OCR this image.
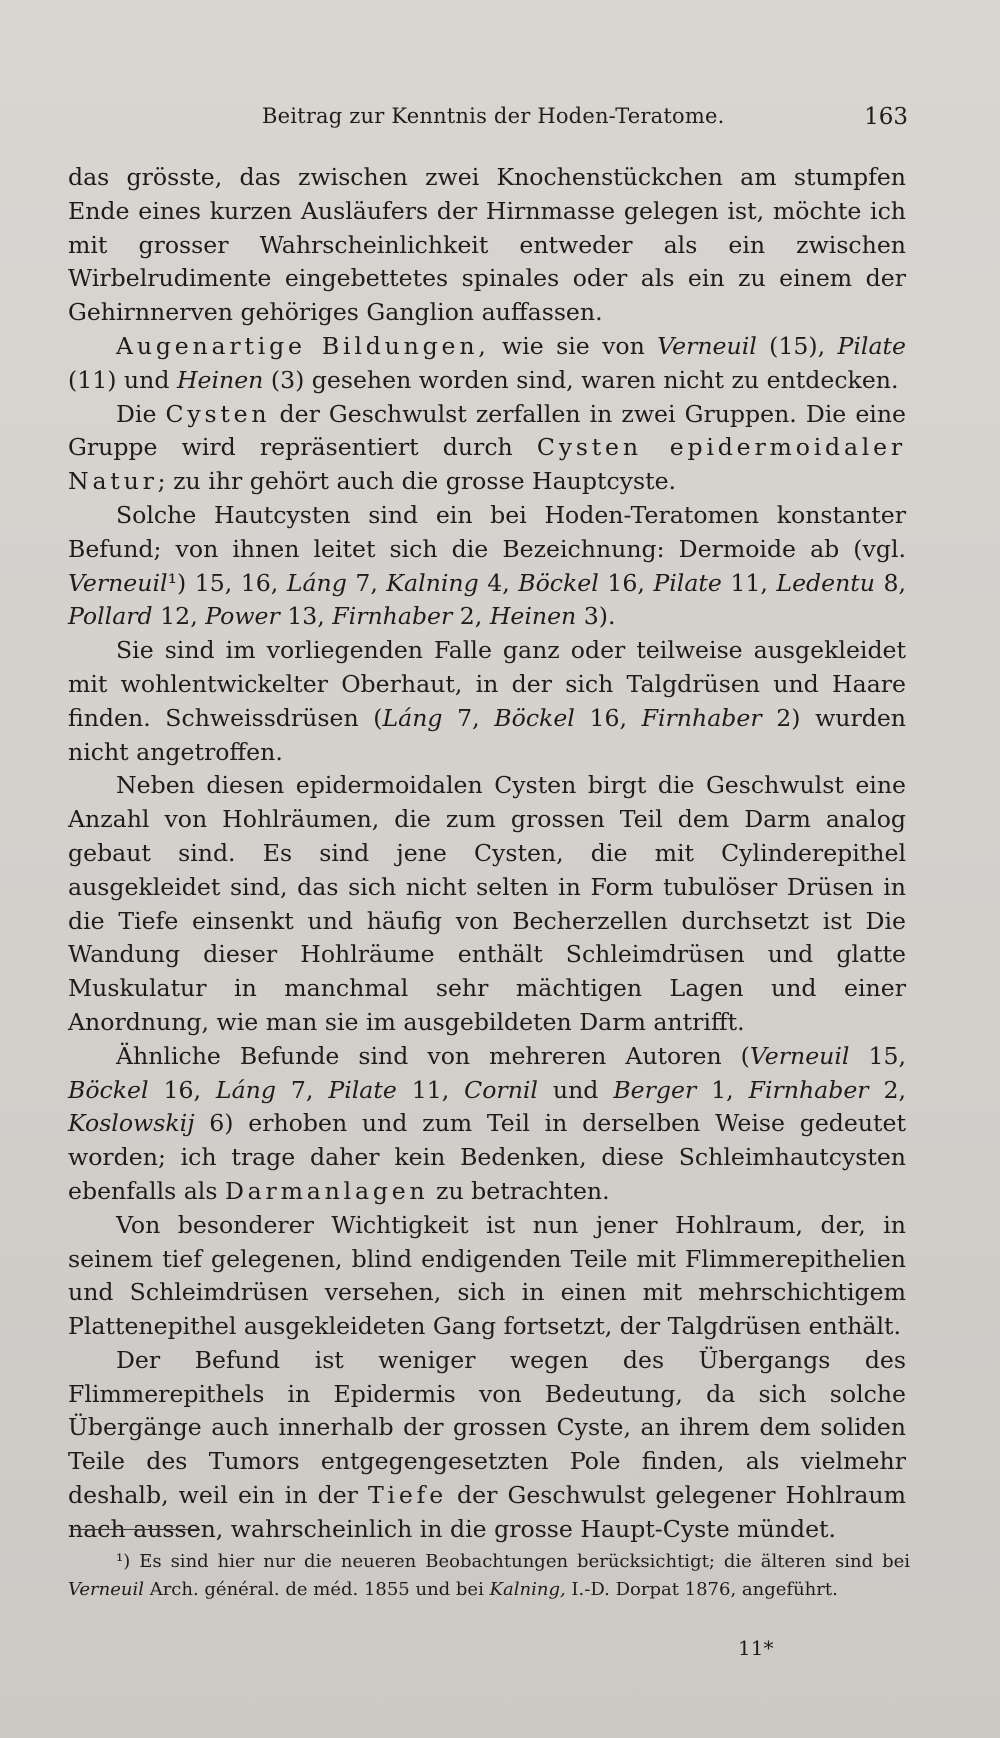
Beitrag zur Kenntnis der Hoden-Teratome.	163

das grösste, das zwischen zwei Knochenstückchen am stumpfen Ende eines kurzen Ausläufers der Hirnmasse gelegen ist, möchte ich mit grosser Wahrscheinlichkeit entweder als ein zwischen Wirbelrudimente eingebettetes spinales oder als ein zu einem der Gehirnnerven gehöriges Ganglion auffassen.

Augenartige Bildungen, wie sie von Verneuil (15), Pilate (11) und Heinen (3) gesehen worden sind, waren nicht zu entdecken.

Die Cysten der Geschwulst zerfallen in zwei Gruppen. Die eine Gruppe wird repräsentiert durch Cysten epidermoidaler Natur; zu ihr gehört auch die grosse Hauptcyste.

Solche Hautcysten sind ein bei Hoden-Teratomen konstanter Befund; von ihnen leitet sich die Bezeichnung: Dermoide ab (vgl. Verneuil¹) 15, 16, Láng 7, Kalning 4, Böckel 16, Pilate 11, Ledentu 8, Pollard 12, Power 13, Firnhaber 2, Heinen 3).

Sie sind im vorliegenden Falle ganz oder teilweise ausgekleidet mit wohlentwickelter Oberhaut, in der sich Talgdrüsen und Haare finden. Schweissdrüsen (Láng 7, Böckel 16, Firnhaber 2) wurden nicht angetroffen.

Neben diesen epidermoidalen Cysten birgt die Geschwulst eine Anzahl von Hohlräumen, die zum grossen Teil dem Darm analog gebaut sind. Es sind jene Cysten, die mit Cylinderepithel ausgekleidet sind, das sich nicht selten in Form tubulöser Drüsen in die Tiefe einsenkt und häufig von Becherzellen durchsetzt ist Die Wandung dieser Hohlräume enthält Schleimdrüsen und glatte Muskulatur in manchmal sehr mächtigen Lagen und einer Anordnung, wie man sie im ausgebildeten Darm antrifft.

Ähnliche Befunde sind von mehreren Autoren (Verneuil 15, Böckel 16, Láng 7, Pilate 11, Cornil und Berger 1, Firnhaber 2, Koslowskij 6) erhoben und zum Teil in derselben Weise gedeutet worden; ich trage daher kein Bedenken, diese Schleimhautcysten ebenfalls als Darmanlagen zu betrachten.

Von besonderer Wichtigkeit ist nun jener Hohlraum, der, in seinem tief gelegenen, blind endigenden Teile mit Flimmerepithelien und Schleimdrüsen versehen, sich in einen mit mehrschichtigem Plattenepithel ausgekleideten Gang fortsetzt, der Talgdrüsen enthält.

Der Befund ist weniger wegen des Übergangs des Flimmerepithels in Epidermis von Bedeutung, da sich solche Übergänge auch innerhalb der grossen Cyste, an ihrem dem soliden Teile des Tumors entgegengesetzten Pole finden, als vielmehr deshalb, weil ein in der Tiefe der Geschwulst gelegener Hohlraum nach aussen, wahrscheinlich in die grosse Haupt-Cyste mündet.

¹) Es sind hier nur die neueren Beobachtungen berücksichtigt; die älteren sind bei Verneuil Arch. général. de méd. 1855 und bei Kalning, I.-D. Dorpat 1876, angeführt.

11*
